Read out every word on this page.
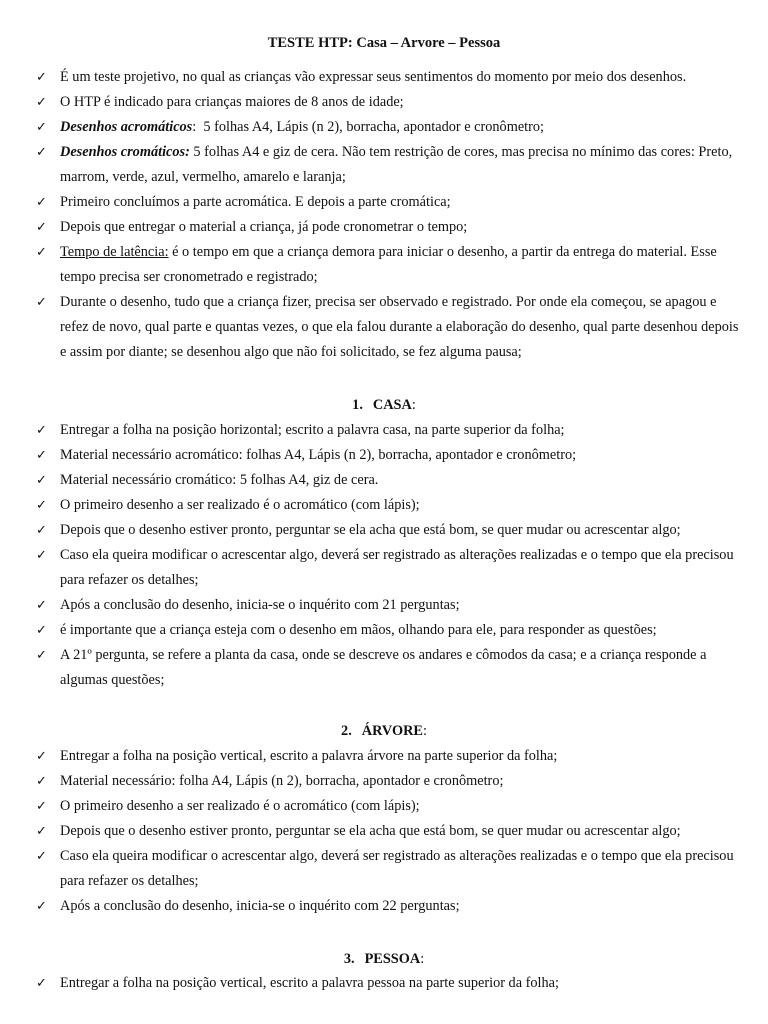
TESTE HTP: Casa – Arvore – Pessoa
✓ É um teste projetivo, no qual as crianças vão expressar seus sentimentos do momento por meio dos desenhos.
✓ O HTP é indicado para crianças maiores de 8 anos de idade;
✓ Desenhos acromáticos:  5 folhas A4, Lápis (n 2), borracha, apontador e cronômetro;
✓ Desenhos cromáticos: 5 folhas A4 e giz de cera. Não tem restrição de cores, mas precisa no mínimo das cores: Preto, marrom, verde, azul, vermelho, amarelo e laranja;
✓ Primeiro concluímos a parte acromática. E depois a parte cromática;
✓ Depois que entregar o material a criança, já pode cronometrar o tempo;
✓ Tempo de latência: é o tempo em que a criança demora para iniciar o desenho, a partir da entrega do material. Esse tempo precisa ser cronometrado e registrado;
✓ Durante o desenho, tudo que a criança fizer, precisa ser observado e registrado. Por onde ela começou, se apagou e refez de novo, qual parte e quantas vezes, o que ela falou durante a elaboração do desenho, qual parte desenhou depois e assim por diante; se desenhou algo que não foi solicitado, se fez alguma pausa;
1. CASA:
✓ Entregar a folha na posição horizontal; escrito a palavra casa, na parte superior da folha;
✓ Material necessário acromático: folhas A4, Lápis (n 2), borracha, apontador e cronômetro;
✓ Material necessário cromático: 5 folhas A4, giz de cera.
✓ O primeiro desenho a ser realizado é o acromático (com lápis);
✓ Depois que o desenho estiver pronto, perguntar se ela acha que está bom, se quer mudar ou acrescentar algo;
✓ Caso ela queira modificar o acrescentar algo, deverá ser registrado as alterações realizadas e o tempo que ela precisou para refazer os detalhes;
✓ Após a conclusão do desenho, inicia-se o inquérito com 21 perguntas;
✓ é importante que a criança esteja com o desenho em mãos, olhando para ele, para responder as questões;
✓ A 21º pergunta, se refere a planta da casa, onde se descreve os andares e cômodos da casa; e a criança responde a algumas questões;
2. ÁRVORE:
✓ Entregar a folha na posição vertical, escrito a palavra árvore na parte superior da folha;
✓ Material necessário: folha A4, Lápis (n 2), borracha, apontador e cronômetro;
✓ O primeiro desenho a ser realizado é o acromático (com lápis);
✓ Depois que o desenho estiver pronto, perguntar se ela acha que está bom, se quer mudar ou acrescentar algo;
✓ Caso ela queira modificar o acrescentar algo, deverá ser registrado as alterações realizadas e o tempo que ela precisou para refazer os detalhes;
✓ Após a conclusão do desenho, inicia-se o inquérito com 22 perguntas;
3. PESSOA:
✓ Entregar a folha na posição vertical, escrito a palavra pessoa na parte superior da folha;
